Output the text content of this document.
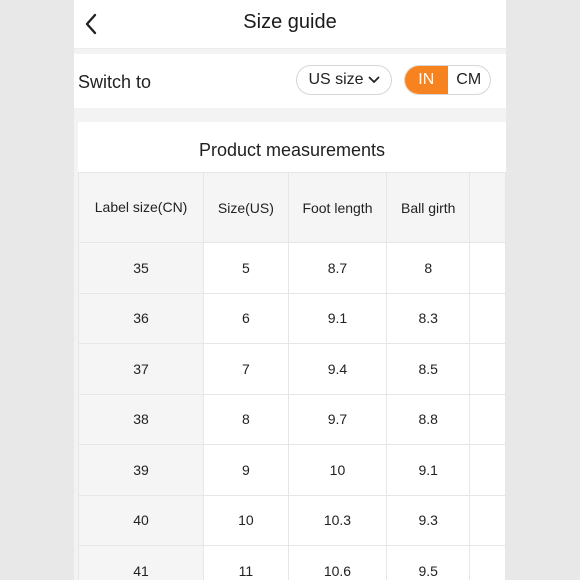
Size guide
Switch to	US size	IN	CM
Product measurements
Label size(CN)	Size(US)	Foot length	Ball girth	
35	5	8.7	8	
36	6	9.1	8.3	
37	7	9.4	8.5	
38	8	9.7	8.8	
39	9	10	9.1	
40	10	10.3	9.3	
41	11	10.6	9.5	
